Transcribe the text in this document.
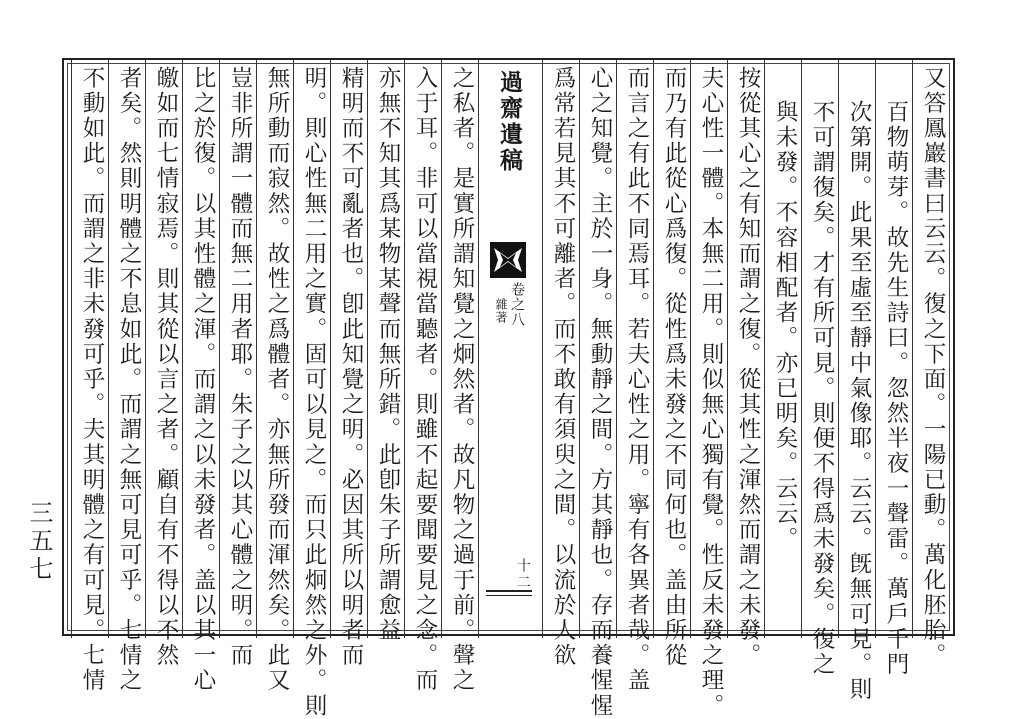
三五七	又答鳳巖書曰云云。復之下面。一陽已動。萬化胚胎。
百物萌芽。故先生詩曰。忽然半夜一聲雷。萬戶千門
次第開。此果至虛至靜中氣像耶。云云。旣無可見。則
不可謂復矣。才有所可見。則便不得爲未發矣。復之
與未發。不容相配者。亦已明矣。云云。
按從其心之有知而謂之復。從其性之渾然而謂之未發。
夫心性一體。本無二用。則似無心獨有覺。性反未發之理。
而乃有此從心爲復。從性爲未發之不同何也。盖由所從
而言之有此不同焉耳。若夫心性之用。寧有各異者哉。盖
心之知覺。主於一身。無動靜之間。方其靜也。存而養惺惺
爲常若見其不可離者。而不敢有須臾之間。以流於人欲
之私者。是實所謂知覺之炯然者。故凡物之過于前。聲之
入于耳。非可以當視當聽者。則雖不起要聞要見之念。而
亦無不知其爲某物某聲而無所錯。此卽朱子所謂愈益
精明而不可亂者也。卽此知覺之明。必因其所以明者而
明。則心性無二用之實。固可以見之。而只此炯然之外。則
無所動而寂然。故性之爲體者。亦無所發而渾然矣。此又
豈非所謂一體而無二用者耶。朱子之以其心體之明。而
比之於復。以其性體之渾。而謂之以未發者。盖以其一心
皦如而七情寂焉。則其從以言之者。顧自有不得以不然
者矣。然則明體之不息如此。而謂之無可見可乎。七情之
不動如此。而謂之非未發可乎。夫其明體之有可見。七情	過齋遺稿
卷之八
雜著
十二
